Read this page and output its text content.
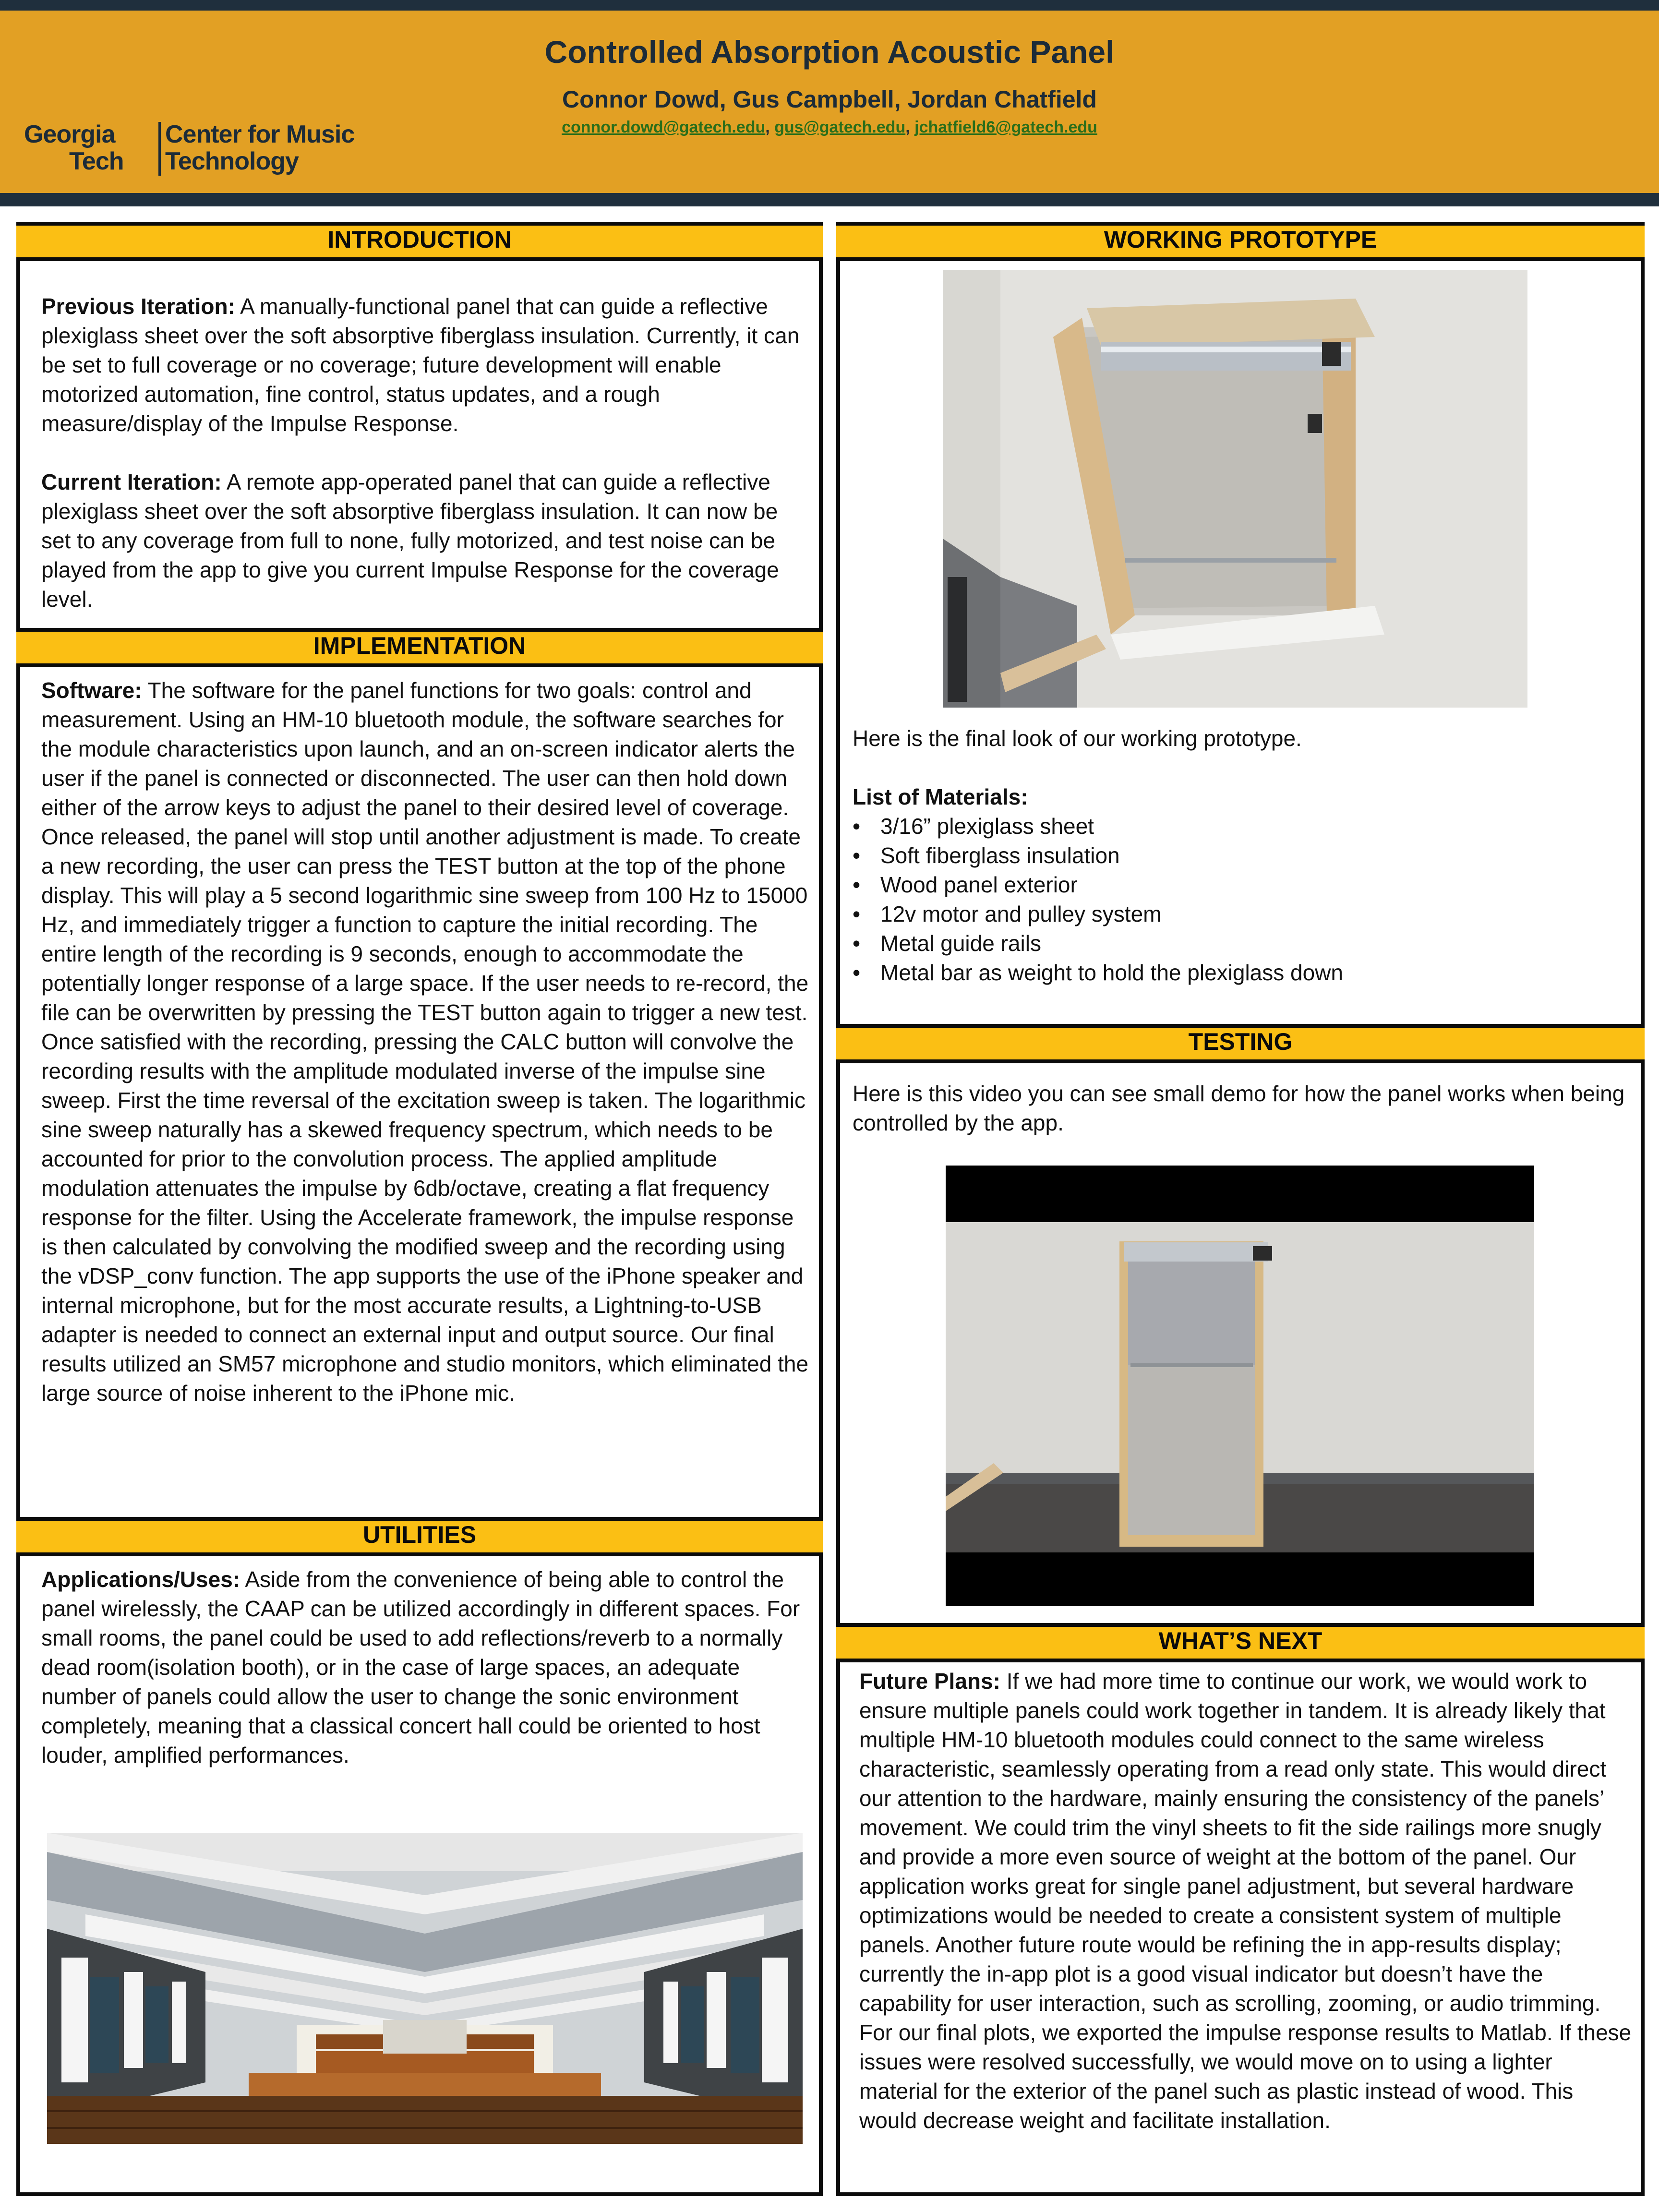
Controlled Absorption Acoustic Panel
Connor Dowd, Gus Campbell, Jordan Chatfield
connor.dowd@gatech.edu, gus@gatech.edu, jchatfield6@gatech.edu
Georgia
Tech
Center for Music
Technology
INTRODUCTION

Previous Iteration: A manually-functional panel that can guide a reflective plexiglass sheet over the soft absorptive fiberglass insulation. Currently, it can be set to full coverage or no coverage; future development will enable motorized automation, fine control, status updates, and a rough measure/display of the Impulse Response.

Current Iteration: A remote app-operated panel that can guide a reflective plexiglass sheet over the soft absorptive fiberglass insulation. It can now be set to any coverage from full to none, fully motorized, and test noise can be played from the app to give you current Impulse Response for the coverage level.

IMPLEMENTATION

Software: The software for the panel functions for two goals: control and measurement. Using an HM-10 bluetooth module, the software searches for the module characteristics upon launch, and an on-screen indicator alerts the user if the panel is connected or disconnected. The user can then hold down either of the arrow keys to adjust the panel to their desired level of coverage. Once released, the panel will stop until another adjustment is made. To create a new recording, the user can press the TEST button at the top of the phone display. This will play a 5 second logarithmic sine sweep from 100 Hz to 15000 Hz, and immediately trigger a function to capture the initial recording. The entire length of the recording is 9 seconds, enough to accommodate the potentially longer response of a large space. If the user needs to re-record, the file can be overwritten by pressing the TEST button again to trigger a new test. Once satisfied with the recording, pressing the CALC button will convolve the recording results with the amplitude modulated inverse of the impulse sine sweep. First the time reversal of the excitation sweep is taken. The logarithmic sine sweep naturally has a skewed frequency spectrum, which needs to be accounted for prior to the convolution process. The applied amplitude modulation attenuates the impulse by 6db/octave, creating a flat frequency response for the filter. Using the Accelerate framework, the impulse response is then calculated by convolving the modified sweep and the recording using the vDSP_conv function. The app supports the use of the iPhone speaker and internal microphone, but for the most accurate results, a Lightning-to-USB adapter is needed to connect an external input and output source. Our final results utilized an SM57 microphone and studio monitors, which eliminated the large source of noise inherent to the iPhone mic.

UTILITIES

Applications/Uses: Aside from the convenience of being able to control the panel wirelessly, the CAAP can be utilized accordingly in different spaces. For small rooms, the panel could be used to add reflections/reverb to a normally dead room(isolation booth), or in the case of large spaces, an adequate number of panels could allow the user to change the sonic environment completely, meaning that a classical concert hall could be oriented to host louder, amplified performances.

WORKING PROTOTYPE

Here is the final look of our working prototype.

List of Materials:

• 3/16” plexiglass sheet
• Soft fiberglass insulation
• Wood panel exterior
• 12v motor and pulley system
• Metal guide rails
• Metal bar as weight to hold the plexiglass down
TESTING

Here is this video you can see small demo for how the panel works when being controlled by the app.

WHAT’S NEXT

Future Plans: If we had more time to continue our work, we would work to ensure multiple panels could work together in tandem. It is already likely that multiple HM-10 bluetooth modules could connect to the same wireless characteristic, seamlessly operating from a read only state. This would direct our attention to the hardware, mainly ensuring the consistency of the panels’ movement. We could trim the vinyl sheets to fit the side railings more snugly and provide a more even source of weight at the bottom of the panel. Our application works great for single panel adjustment, but several hardware optimizations would be needed to create a consistent system of multiple panels. Another future route would be refining the in app-results display; currently the in-app plot is a good visual indicator but doesn’t have the capability for user interaction, such as scrolling, zooming, or audio trimming. For our final plots, we exported the impulse response results to Matlab. If these issues were resolved successfully, we would move on to using a lighter material for the exterior of the panel such as plastic instead of wood. This would decrease weight and facilitate installation.
